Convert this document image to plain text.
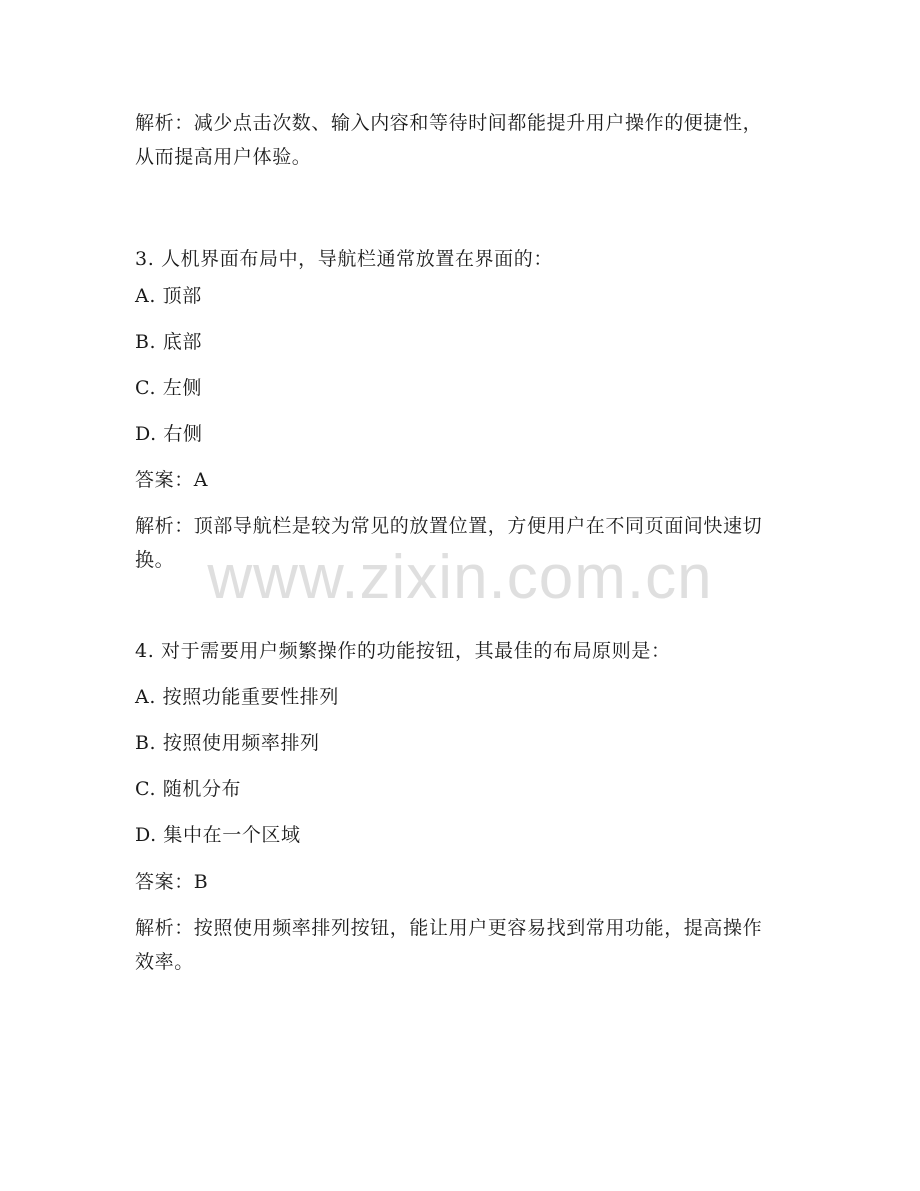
解析：减少点击次数、输入内容和等待时间都能提升用户操作的便捷性，从而提高用户体验。
3. 人机界面布局中，导航栏通常放置在界面的：
A. 顶部
B. 底部
C. 左侧
D. 右侧
答案：A
解析：顶部导航栏是较为常见的放置位置，方便用户在不同页面间快速切换。 www.zixin.com.cn
4. 对于需要用户频繁操作的功能按钮，其最佳的布局原则是：
A. 按照功能重要性排列
B. 按照使用频率排列
C. 随机分布
D. 集中在一个区域
答案：B
解析：按照使用频率排列按钮，能让用户更容易找到常用功能，提高操作效率。
